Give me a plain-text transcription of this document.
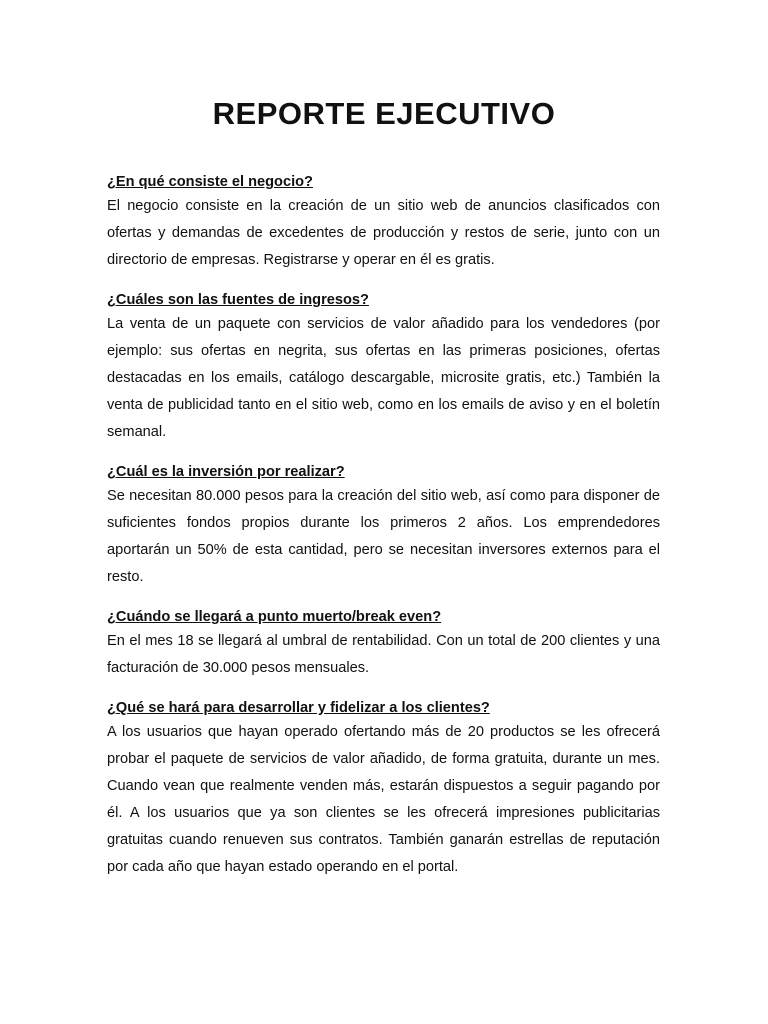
REPORTE EJECUTIVO

¿En qué consiste el negocio?

El negocio consiste en la creación de un sitio web de anuncios clasificados con ofertas y demandas de excedentes de producción y restos de serie, junto con un directorio de empresas. Registrarse y operar en él es gratis.

¿Cuáles son las fuentes de ingresos?

La venta de un paquete con servicios de valor añadido para los vendedores (por ejemplo: sus ofertas en negrita, sus ofertas en las primeras posiciones, ofertas destacadas en los emails, catálogo descargable, microsite gratis, etc.) También la venta de publicidad tanto en el sitio web, como en los emails de aviso y en el boletín semanal.

¿Cuál es la inversión por realizar?

Se necesitan 80.000 pesos para la creación del sitio web, así como para disponer de suficientes fondos propios durante los primeros 2 años. Los emprendedores aportarán un 50% de esta cantidad, pero se necesitan inversores externos para el resto.

¿Cuándo se llegará a punto muerto/break even?

En el mes 18 se llegará al umbral de rentabilidad. Con un total de 200 clientes y una facturación de 30.000 pesos mensuales.

¿Qué se hará para desarrollar y fidelizar a los clientes?

A los usuarios que hayan operado ofertando más de 20 productos se les ofrecerá probar el paquete de servicios de valor añadido, de forma gratuita, durante un mes. Cuando vean que realmente venden más, estarán dispuestos a seguir pagando por él. A los usuarios que ya son clientes se les ofrecerá impresiones publicitarias gratuitas cuando renueven sus contratos. También ganarán estrellas de reputación por cada año que hayan estado operando en el portal.
